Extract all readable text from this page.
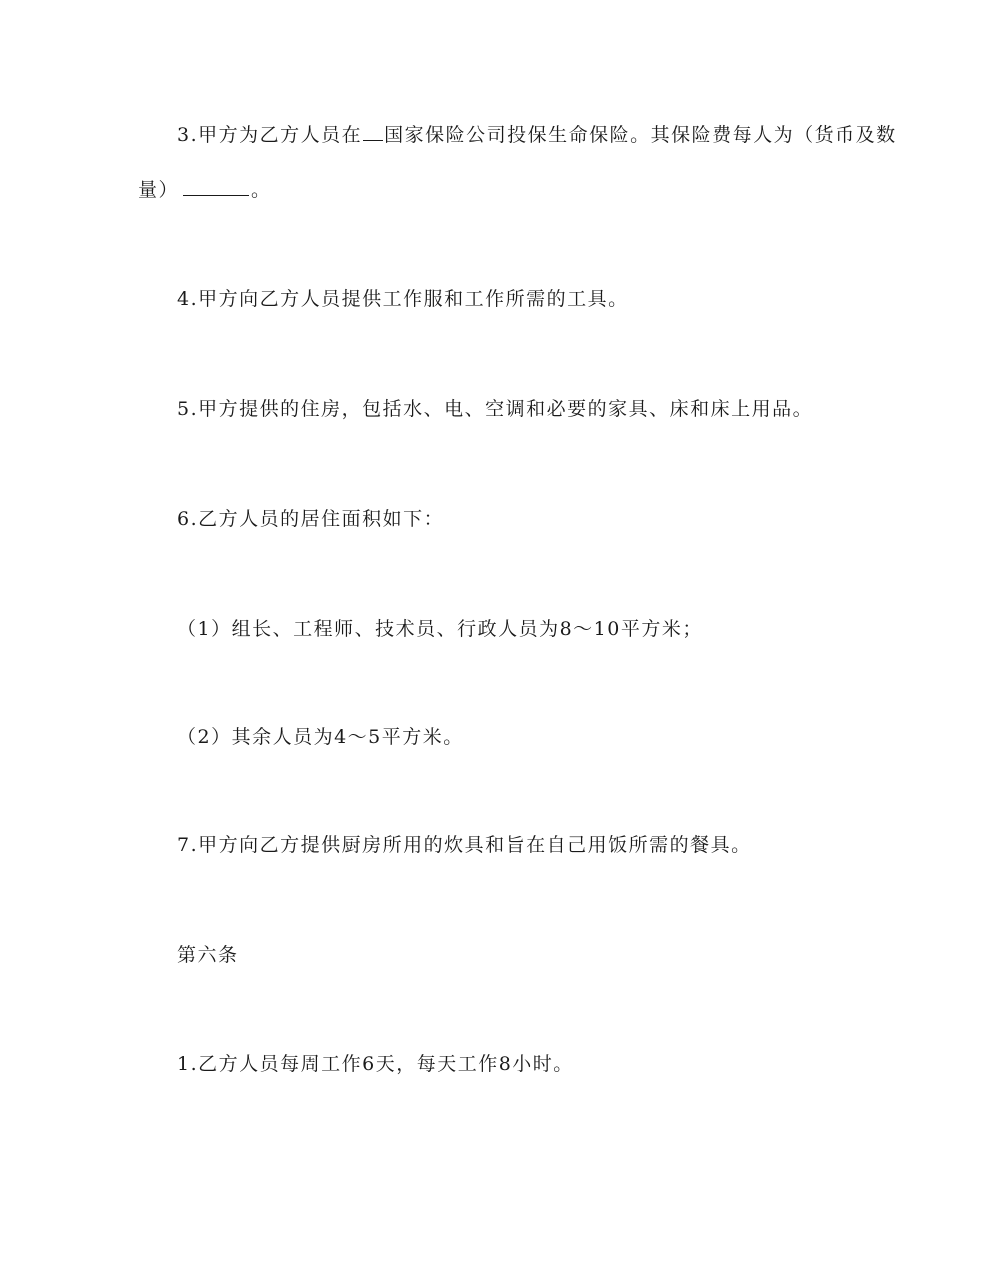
3.甲方为乙方人员在 国家保险公司投保生命保险。其保险费每人为（货币及数
量）	。
4.甲方向乙方人员提供工作服和工作所需的工具。
5.甲方提供的住房，包括水、电、空调和必要的家具、床和床上用品。
6.乙方人员的居住面积如下：
（1）组长、工程师、技术员、行政人员为8～10平方米；
（2）其余人员为4～5平方米。
7.甲方向乙方提供厨房所用的炊具和旨在自己用饭所需的餐具。
第六条
1.乙方人员每周工作6天，每天工作8小时。
